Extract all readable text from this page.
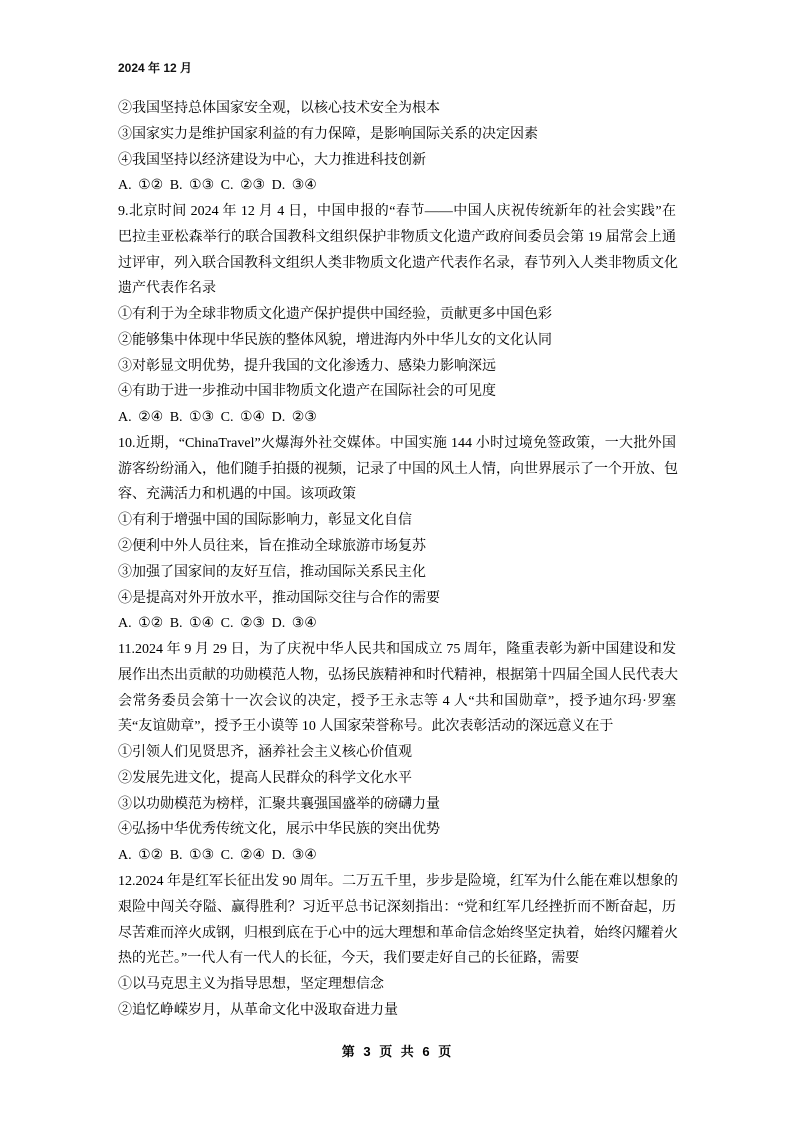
2024 年 12 月
②我国坚持总体国家安全观，以核心技术安全为根本
③国家实力是维护国家利益的有力保障，是影响国际关系的决定因素
④我国坚持以经济建设为中心，大力推进科技创新
A. ①② B. ①③ C. ②③ D. ③④
9.北京时间 2024 年 12 月 4 日，中国申报的“春节——中国人庆祝传统新年的社会实践”在
巴拉圭亚松森举行的联合国教科文组织保护非物质文化遗产政府间委员会第 19 届常会上通
过评审，列入联合国教科文组织人类非物质文化遗产代表作名录，春节列入人类非物质文化
遗产代表作名录
①有利于为全球非物质文化遗产保护提供中国经验，贡献更多中国色彩
②能够集中体现中华民族的整体风貌，增进海内外中华儿女的文化认同
③对彰显文明优势，提升我国的文化渗透力、感染力影响深远
④有助于进一步推动中国非物质文化遗产在国际社会的可见度
A. ②④ B. ①③ C. ①④ D. ②③
10.近期，“ChinaTravel”火爆海外社交媒体。中国实施 144 小时过境免签政策，一大批外国
游客纷纷涌入，他们随手拍摄的视频，记录了中国的风土人情，向世界展示了一个开放、包
容、充满活力和机遇的中国。该项政策
①有利于增强中国的国际影响力，彰显文化自信
②便利中外人员往来，旨在推动全球旅游市场复苏
③加强了国家间的友好互信，推动国际关系民主化
④是提高对外开放水平，推动国际交往与合作的需要
A. ①② B. ①④ C. ②③ D. ③④
11.2024 年 9 月 29 日，为了庆祝中华人民共和国成立 75 周年，隆重表彰为新中国建设和发
展作出杰出贡献的功勋模范人物，弘扬民族精神和时代精神，根据第十四届全国人民代表大
会常务委员会第十一次会议的决定，授予王永志等 4 人“共和国勋章”，授予迪尔玛·罗塞
芙“友谊勋章”，授予王小谟等 10 人国家荣誉称号。此次表彰活动的深远意义在于
①引领人们见贤思齐，涵养社会主义核心价值观
②发展先进文化，提高人民群众的科学文化水平
③以功勋模范为榜样，汇聚共襄强国盛举的磅礴力量
④弘扬中华优秀传统文化，展示中华民族的突出优势
A. ①② B. ①③ C. ②④ D. ③④
12.2024 年是红军长征出发 90 周年。二万五千里，步步是险境，红军为什么能在难以想象的
艰险中闯关夺隘、赢得胜利？习近平总书记深刻指出：“党和红军几经挫折而不断奋起，历
尽苦难而淬火成钢，归根到底在于心中的远大理想和革命信念始终坚定执着，始终闪耀着火
热的光芒。”一代人有一代人的长征，今天，我们要走好自己的长征路，需要
①以马克思主义为指导思想，坚定理想信念
②追忆峥嵘岁月，从革命文化中汲取奋进力量
第 3 页 共 6 页
